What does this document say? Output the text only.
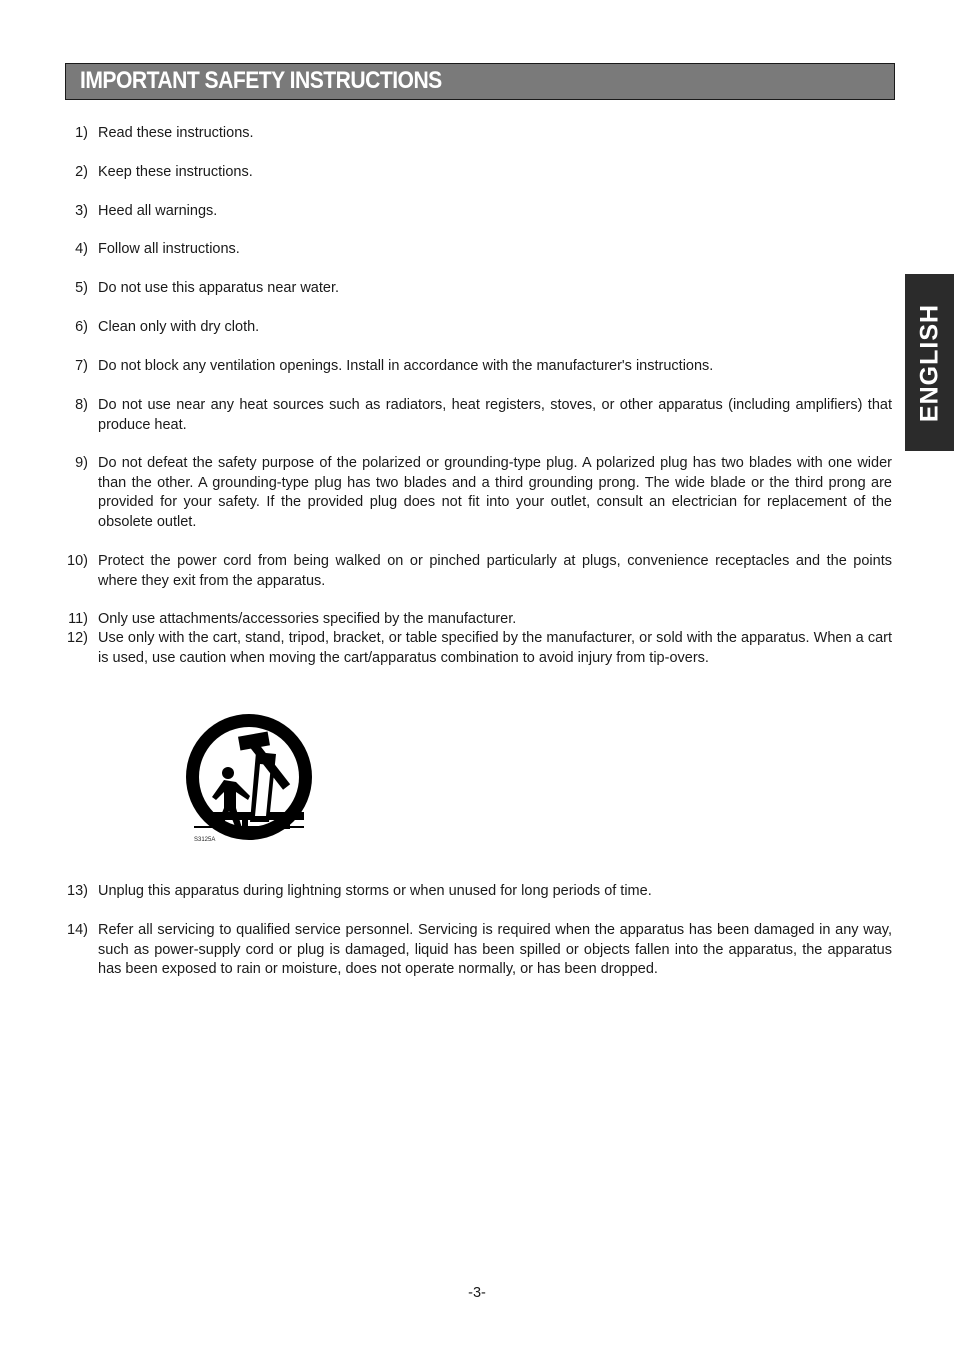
IMPORTANT SAFETY INSTRUCTIONS
ENGLISH
1) Read these instructions.
2) Keep these instructions.
3) Heed all warnings.
4) Follow all instructions.
5) Do not use this apparatus near water.
6) Clean only with dry cloth.
7) Do not block any ventilation openings. Install in accordance with the manufacturer's instructions.
8) Do not use near any heat sources such as radiators, heat registers, stoves, or other apparatus (including amplifiers) that produce heat.
9) Do not defeat the safety purpose of the polarized or grounding-type plug. A polarized plug has two blades with one wider than the other. A grounding-type plug has two blades and a third grounding prong. The wide blade or the third prong are provided for your safety. If the provided plug does not fit into your outlet, consult an electrician for replacement of the obsolete outlet.
10) Protect the power cord from being walked on or pinched particularly at plugs, convenience receptacles and the points where they exit from the apparatus.
11) Only use attachments/accessories specified by the manufacturer.
12) Use only with the cart, stand, tripod, bracket, or table specified by the manufacturer, or sold with the apparatus. When a cart is used, use caution when moving the cart/apparatus combination to avoid injury from tip-overs.
S3125A
13) Unplug this apparatus during lightning storms or when unused for long periods of time.
14) Refer all servicing to qualified service personnel. Servicing is required when the apparatus has been damaged in any way, such as power-supply cord or plug is damaged, liquid has been spilled or objects fallen into the apparatus, the apparatus has been exposed to rain or moisture, does not operate normally, or has been dropped.
-3-
